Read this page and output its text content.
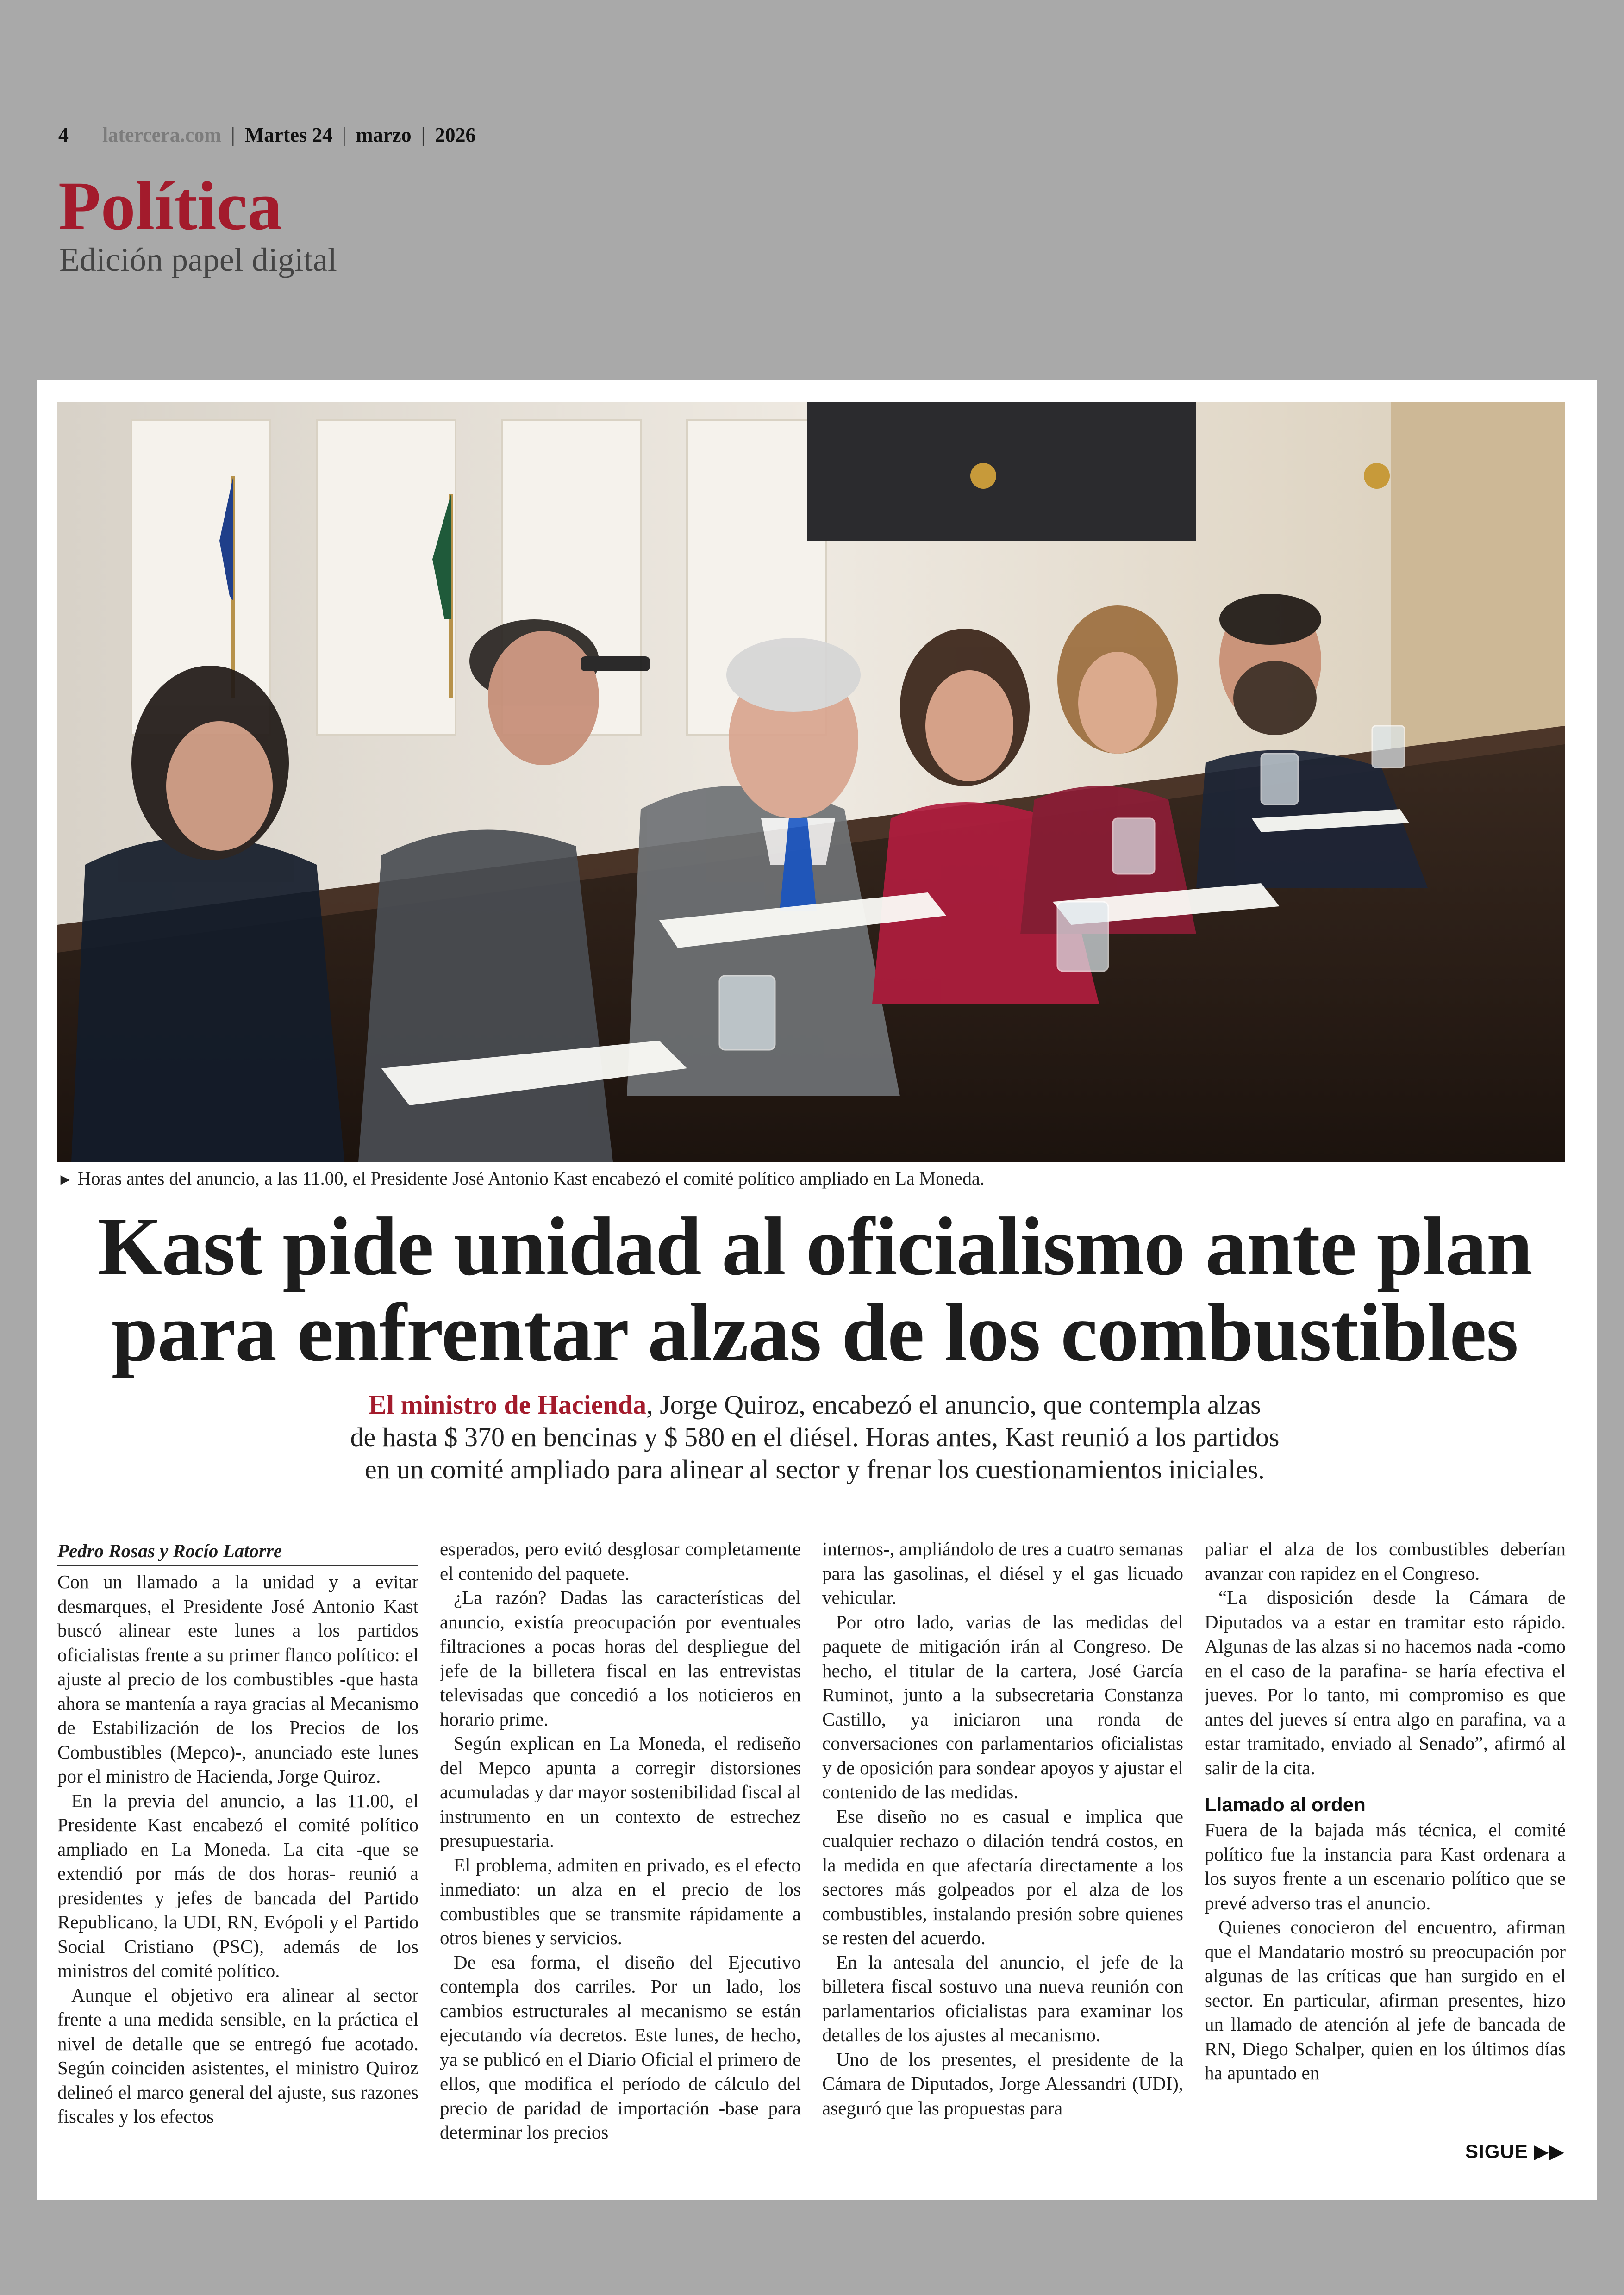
4 latercera.com | Martes 24 | marzo | 2026
Política
Edición papel digital
► Horas antes del anuncio, a las 11.00, el Presidente José Antonio Kast encabezó el comité político ampliado en La Moneda.
Kast pide unidad al oficialismo ante plan
para enfrentar alzas de los combustibles

El ministro de Hacienda, Jorge Quiroz, encabezó el anuncio, que contempla alzas
de hasta $ 370 en bencinas y $ 580 en el diésel. Horas antes, Kast reunió a los partidos
en un comité ampliado para alinear al sector y frenar los cuestionamientos iniciales.

Pedro Rosas y Rocío Latorre

Con un llamado a la unidad y a evitar desmarques, el Presidente José Antonio Kast buscó alinear este lunes a los partidos oficialistas frente a su primer flanco político: el ajuste al precio de los combustibles -que hasta ahora se mantenía a raya gracias al Mecanismo de Estabilización de los Precios de los Combustibles (Mepco)-, anunciado este lunes por el ministro de Hacienda, Jorge Quiroz.

En la previa del anuncio, a las 11.00, el Presidente Kast encabezó el comité político ampliado en La Moneda. La cita -que se extendió por más de dos horas- reunió a presidentes y jefes de bancada del Partido Republicano, la UDI, RN, Evópoli y el Partido Social Cristiano (PSC), además de los ministros del comité político.

Aunque el objetivo era alinear al sector frente a una medida sensible, en la práctica el nivel de detalle que se entregó fue acotado. Según coinciden asistentes, el ministro Quiroz delineó el marco general del ajuste, sus razones fiscales y los efectos

esperados, pero evitó desglosar completamente el contenido del paquete.

¿La razón? Dadas las características del anuncio, existía preocupación por eventuales filtraciones a pocas horas del despliegue del jefe de la billetera fiscal en las entrevistas televisadas que concedió a los noticieros en horario prime.

Según explican en La Moneda, el rediseño del Mepco apunta a corregir distorsiones acumuladas y dar mayor sostenibilidad fiscal al instrumento en un contexto de estrechez presupuestaria.

El problema, admiten en privado, es el efecto inmediato: un alza en el precio de los combustibles que se transmite rápidamente a otros bienes y servicios.

De esa forma, el diseño del Ejecutivo contempla dos carriles. Por un lado, los cambios estructurales al mecanismo se están ejecutando vía decretos. Este lunes, de hecho, ya se publicó en el Diario Oficial el primero de ellos, que modifica el período de cálculo del precio de paridad de importación -base para determinar los precios

internos-, ampliándolo de tres a cuatro semanas para las gasolinas, el diésel y el gas licuado vehicular.

Por otro lado, varias de las medidas del paquete de mitigación irán al Congreso. De hecho, el titular de la cartera, José García Ruminot, junto a la subsecretaria Constanza Castillo, ya iniciaron una ronda de conversaciones con parlamentarios oficialistas y de oposición para sondear apoyos y ajustar el contenido de las medidas.

Ese diseño no es casual e implica que cualquier rechazo o dilación tendrá costos, en la medida en que afectaría directamente a los sectores más golpeados por el alza de los combustibles, instalando presión sobre quienes se resten del acuerdo.

En la antesala del anuncio, el jefe de la billetera fiscal sostuvo una nueva reunión con parlamentarios oficialistas para examinar los detalles de los ajustes al mecanismo.

Uno de los presentes, el presidente de la Cámara de Diputados, Jorge Alessandri (UDI), aseguró que las propuestas para

paliar el alza de los combustibles deberían avanzar con rapidez en el Congreso.

“La disposición desde la Cámara de Diputados va a estar en tramitar esto rápido. Algunas de las alzas si no hacemos nada -como en el caso de la parafina- se haría efectiva el jueves. Por lo tanto, mi compromiso es que antes del jueves sí entra algo en parafina, va a estar tramitado, enviado al Senado”, afirmó al salir de la cita.

Llamado al orden

Fuera de la bajada más técnica, el comité político fue la instancia para Kast ordenara a los suyos frente a un escenario político que se prevé adverso tras el anuncio.

Quienes conocieron del encuentro, afirman que el Mandatario mostró su preocupación por algunas de las críticas que han surgido en el sector. En particular, afirman presentes, hizo un llamado de atención al jefe de bancada de RN, Diego Schalper, quien en los últimos días ha apuntado en

SIGUE ▶▶
